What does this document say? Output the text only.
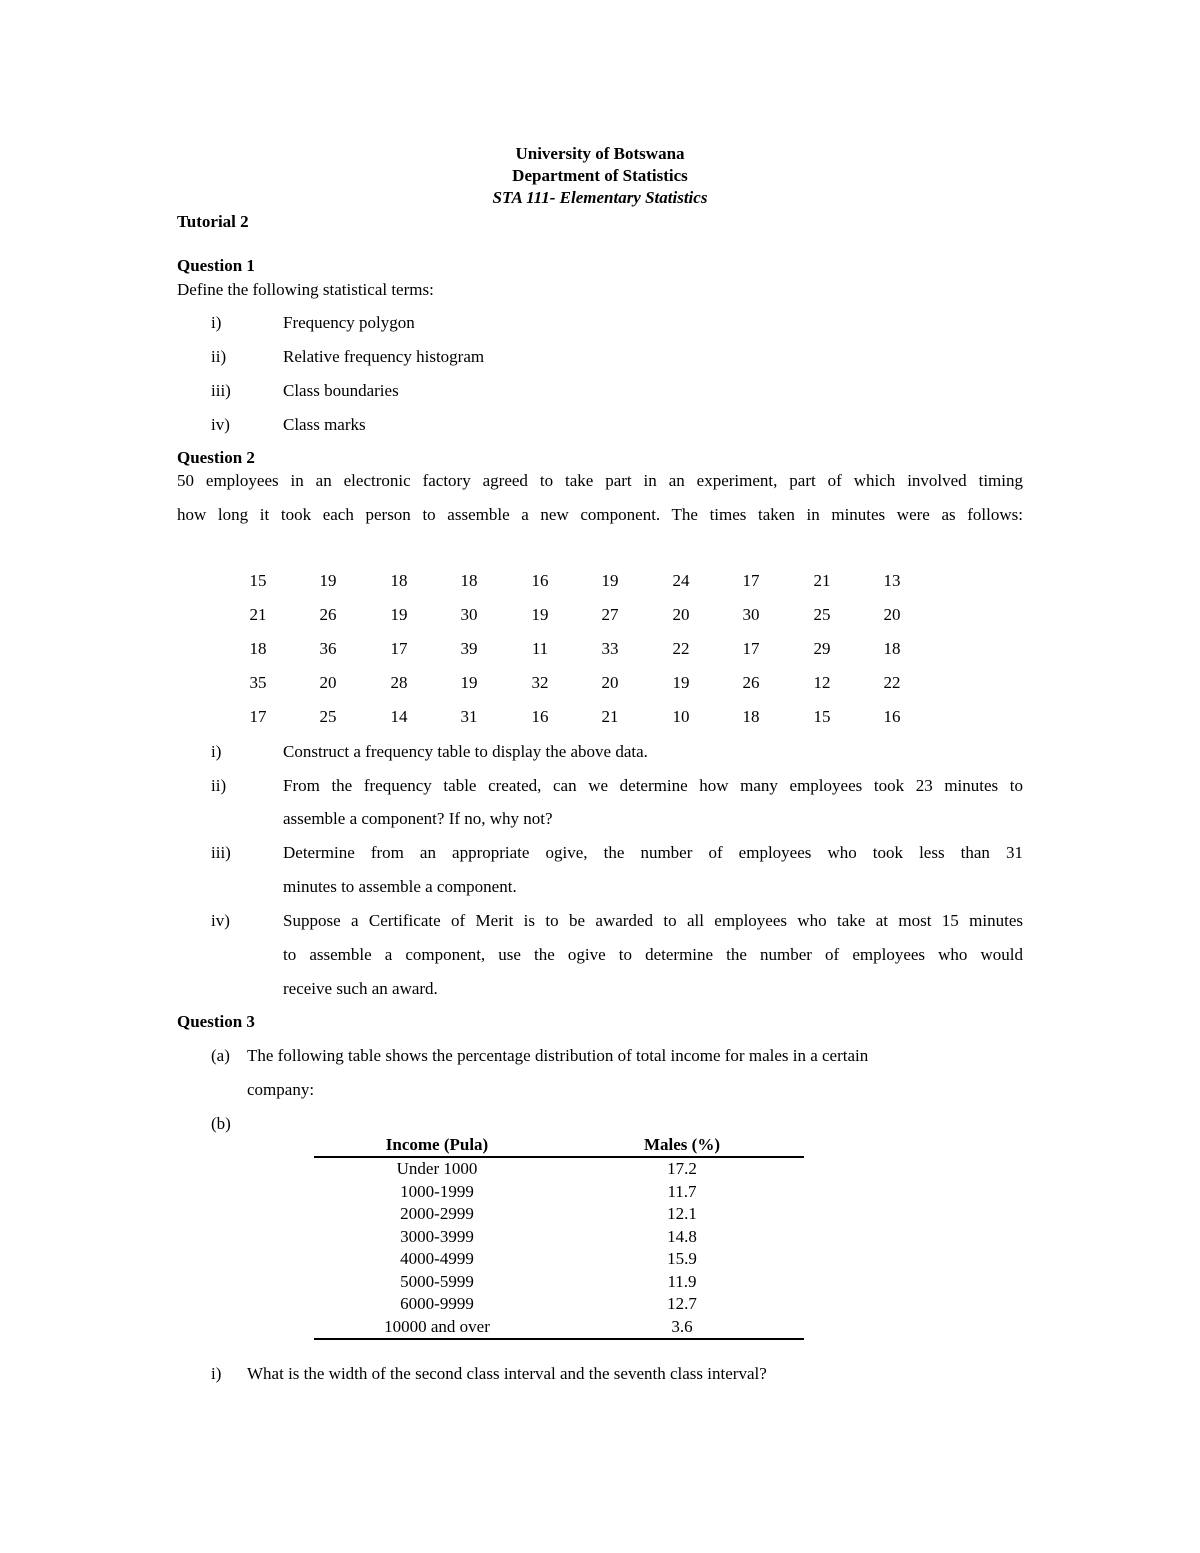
University of Botswana
Department of Statistics
STA 111- Elementary Statistics
Tutorial 2
Question 1
Define the following statistical terms:
i)	Frequency polygon
ii)	Relative frequency histogram
iii)	Class boundaries
iv)	Class marks
Question 2
50 employees in an electronic factory agreed to take part in an experiment, part of which involved timing
how long it took each person to assemble a new component. The times taken in minutes were as follows:
15	19	18	18	16	19	24	17	21	13
21	26	19	30	19	27	20	30	25	20
18	36	17	39	11	33	22	17	29	18
35	20	28	19	32	20	19	26	12	22
17	25	14	31	16	21	10	18	15	16
i)	Construct a frequency table to display the above data.
ii)	From the frequency table created, can we determine how many employees took 23 minutes to
assemble a component? If no, why not?
iii)	Determine from an appropriate ogive, the number of employees who took less than 31
minutes to assemble a component.
iv)	Suppose a Certificate of Merit is to be awarded to all employees who take at most 15 minutes
to assemble a component, use the ogive to determine the number of employees who would
receive such an award.
Question 3
(a) The following table shows the percentage distribution of total income for males in a certain
company:
(b)
Income (Pula)	Males (%)
Under 1000	17.2
1000-1999	11.7
2000-2999	12.1
3000-3999	14.8
4000-4999	15.9
5000-5999	11.9
6000-9999	12.7
10000 and over	3.6
i) What is the width of the second class interval and the seventh class interval?
